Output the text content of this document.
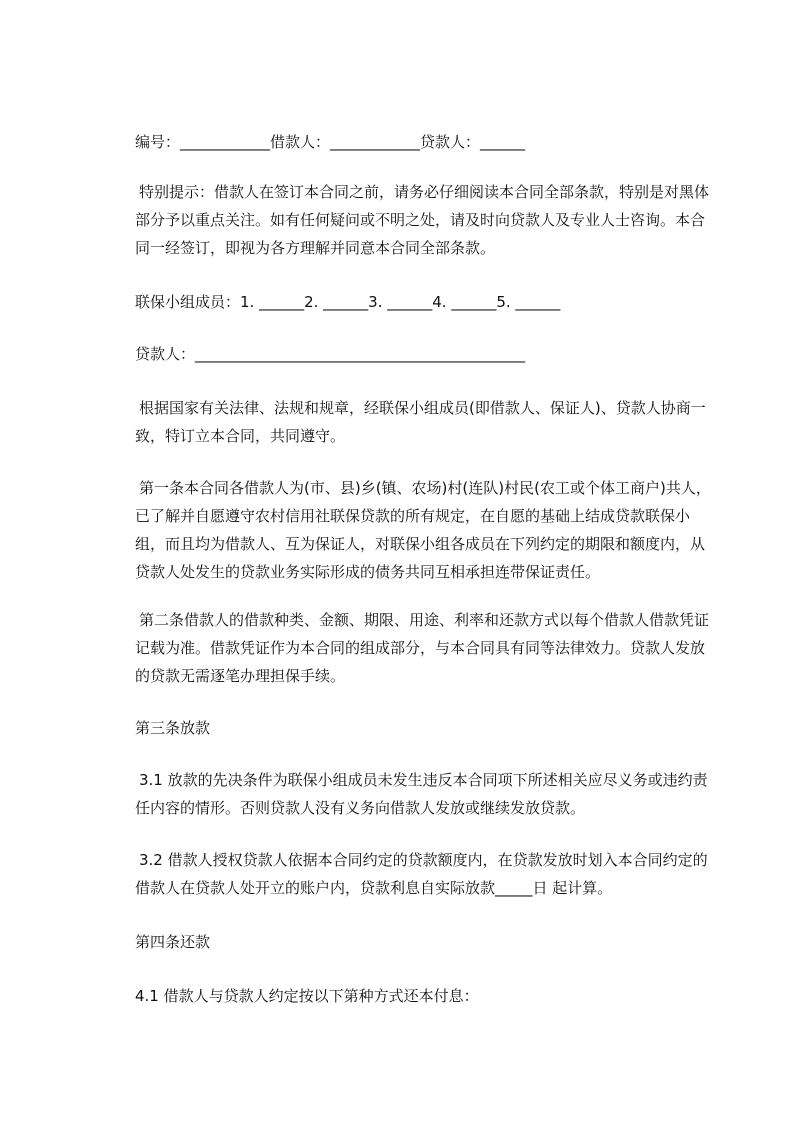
编号：____________借款人：____________贷款人：______

特别提示：借款人在签订本合同之前，请务必仔细阅读本合同全部条款，特别是对黑体部分予以重点关注。如有任何疑问或不明之处，请及时向贷款人及专业人士咨询。本合同一经签订，即视为各方理解并同意本合同全部条款。

联保小组成员：1. ______2. ______3. ______4. ______5. ______

贷款人：____________________________________________

根据国家有关法律、法规和规章，经联保小组成员(即借款人、保证人)、贷款人协商一致，特订立本合同，共同遵守。

第一条本合同各借款人为(市、县)乡(镇、农场)村(连队)村民(农工或个体工商户)共人，已了解并自愿遵守农村信用社联保贷款的所有规定，在自愿的基础上结成贷款联保小组，而且均为借款人、互为保证人，对联保小组各成员在下列约定的期限和额度内，从贷款人处发生的贷款业务实际形成的债务共同互相承担连带保证责任。

第二条借款人的借款种类、金额、期限、用途、利率和还款方式以每个借款人借款凭证记载为准。借款凭证作为本合同的组成部分，与本合同具有同等法律效力。贷款人发放的贷款无需逐笔办理担保手续。

第三条放款

3.1 放款的先决条件为联保小组成员未发生违反本合同项下所述相关应尽义务或违约责任内容的情形。否则贷款人没有义务向借款人发放或继续发放贷款。

3.2 借款人授权贷款人依据本合同约定的贷款额度内，在贷款发放时划入本合同约定的借款人在贷款人处开立的账户内，贷款利息自实际放款_____日 起计算。

第四条还款

4.1 借款人与贷款人约定按以下第种方式还本付息：
